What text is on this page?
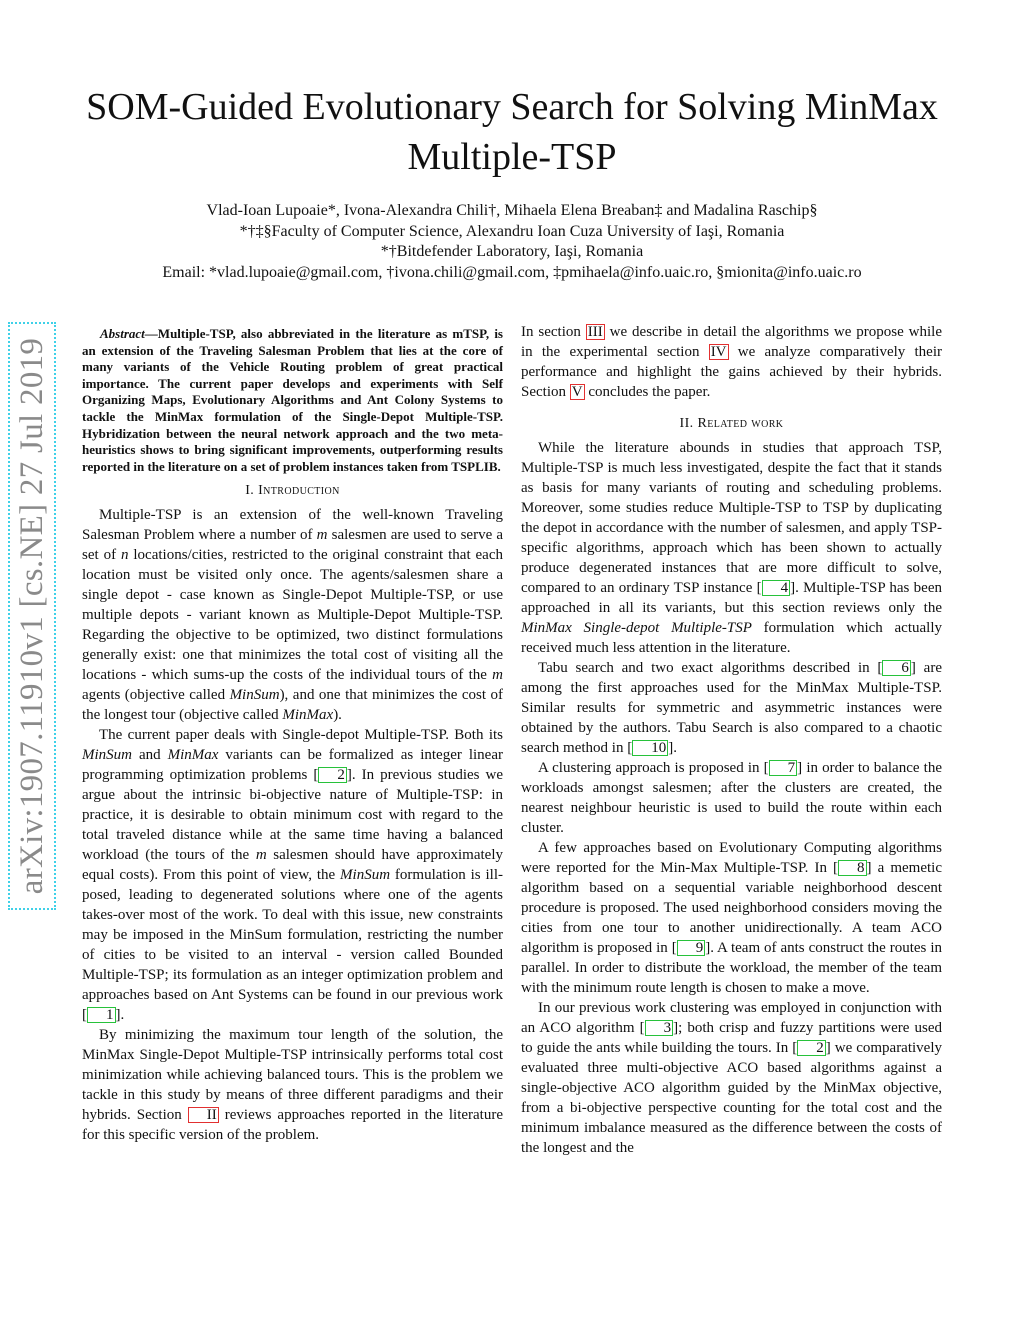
SOM-Guided Evolutionary Search for Solving MinMax Multiple-TSP
Vlad-Ioan Lupoaie*, Ivona-Alexandra Chili†, Mihaela Elena Breaban‡ and Madalina Raschip§
*†‡§Faculty of Computer Science, Alexandru Ioan Cuza University of Iaşi, Romania
*†Bitdefender Laboratory, Iaşi, Romania
Email: *vlad.lupoaie@gmail.com, †ivona.chili@gmail.com, ‡pmihaela@info.uaic.ro, §mionita@info.uaic.ro
arXiv:1907.11910v1 [cs.NE] 27 Jul 2019

Abstract—Multiple-TSP, also abbreviated in the literature as mTSP, is an extension of the Traveling Salesman Problem that lies at the core of many variants of the Vehicle Routing problem of great practical importance. The current paper develops and experiments with Self Organizing Maps, Evolutionary Algorithms and Ant Colony Systems to tackle the MinMax formulation of the Single-Depot Multiple-TSP. Hybridization between the neural network approach and the two meta-heuristics shows to bring significant improvements, outperforming results reported in the literature on a set of problem instances taken from TSPLIB.

I. Introduction

Multiple-TSP is an extension of the well-known Traveling Salesman Problem where a number of m salesmen are used to serve a set of n locations/cities, restricted to the original constraint that each location must be visited only once. The agents/salesmen share a single depot - case known as Single-Depot Multiple-TSP, or use multiple depots - variant known as Multiple-Depot Multiple-TSP. Regarding the objective to be optimized, two distinct formulations generally exist: one that minimizes the total cost of visiting all the locations - which sums-up the costs of the individual tours of the m agents (objective called MinSum), and one that minimizes the cost of the longest tour (objective called MinMax).

The current paper deals with Single-depot Multiple-TSP. Both its MinSum and MinMax variants can be formalized as integer linear programming optimization problems [ 2 ]. In previous studies we argue about the intrinsic bi-objective nature of Multiple-TSP: in practice, it is desirable to obtain minimum cost with regard to the total traveled distance while at the same time having a balanced workload (the tours of the m salesmen should have approximately equal costs). From this point of view, the MinSum formulation is ill-posed, leading to degenerated solutions where one of the agents takes-over most of the work. To deal with this issue, new constraints may be imposed in the MinSum formulation, restricting the number of cities to be visited to an interval - version called Bounded Multiple-TSP; its formulation as an integer optimization problem and approaches based on Ant Systems can be found in our previous work [ 1 ].

By minimizing the maximum tour length of the solution, the MinMax Single-Depot Multiple-TSP intrinsically performs total cost minimization while achieving balanced tours. This is the problem we tackle in this study by means of three different paradigms and their hybrids. Section II reviews approaches reported in the literature for this specific version of the problem.

In section III we describe in detail the algorithms we propose while in the experimental section IV we analyze comparatively their performance and highlight the gains achieved by their hybrids. Section V concludes the paper.

II. Related work

While the literature abounds in studies that approach TSP, Multiple-TSP is much less investigated, despite the fact that it stands as basis for many variants of routing and scheduling problems. Moreover, some studies reduce Multiple-TSP to TSP by duplicating the depot in accordance with the number of salesmen, and apply TSP-specific algorithms, approach which has been shown to actually produce degenerated instances that are more difficult to solve, compared to an ordinary TSP instance [ 4 ]. Multiple-TSP has been approached in all its variants, but this section reviews only the MinMax Single-depot Multiple-TSP formulation which actually received much less attention in the literature.

Tabu search and two exact algorithms described in [ 6 ] are among the first approaches used for the MinMax Multiple-TSP. Similar results for symmetric and asymmetric instances were obtained by the authors. Tabu Search is also compared to a chaotic search method in [ 10 ].

A clustering approach is proposed in [ 7 ] in order to balance the workloads amongst salesmen; after the clusters are created, the nearest neighbour heuristic is used to build the route within each cluster.

A few approaches based on Evolutionary Computing algorithms were reported for the Min-Max Multiple-TSP. In [ 8 ] a memetic algorithm based on a sequential variable neighborhood descent procedure is proposed. The used neighborhood considers moving the cities from one tour to another unidirectionally. A team ACO algorithm is proposed in [ 9 ]. A team of ants construct the routes in parallel. In order to distribute the workload, the member of the team with the minimum route length is chosen to make a move.

In our previous work clustering was employed in conjunction with an ACO algorithm [ 3 ]; both crisp and fuzzy partitions were used to guide the ants while building the tours. In [ 2 ] we comparatively evaluated three multi-objective ACO based algorithms against a single-objective ACO algorithm guided by the MinMax objective, from a bi-objective perspective counting for the total cost and the minimum imbalance measured as the difference between the costs of the longest and the
